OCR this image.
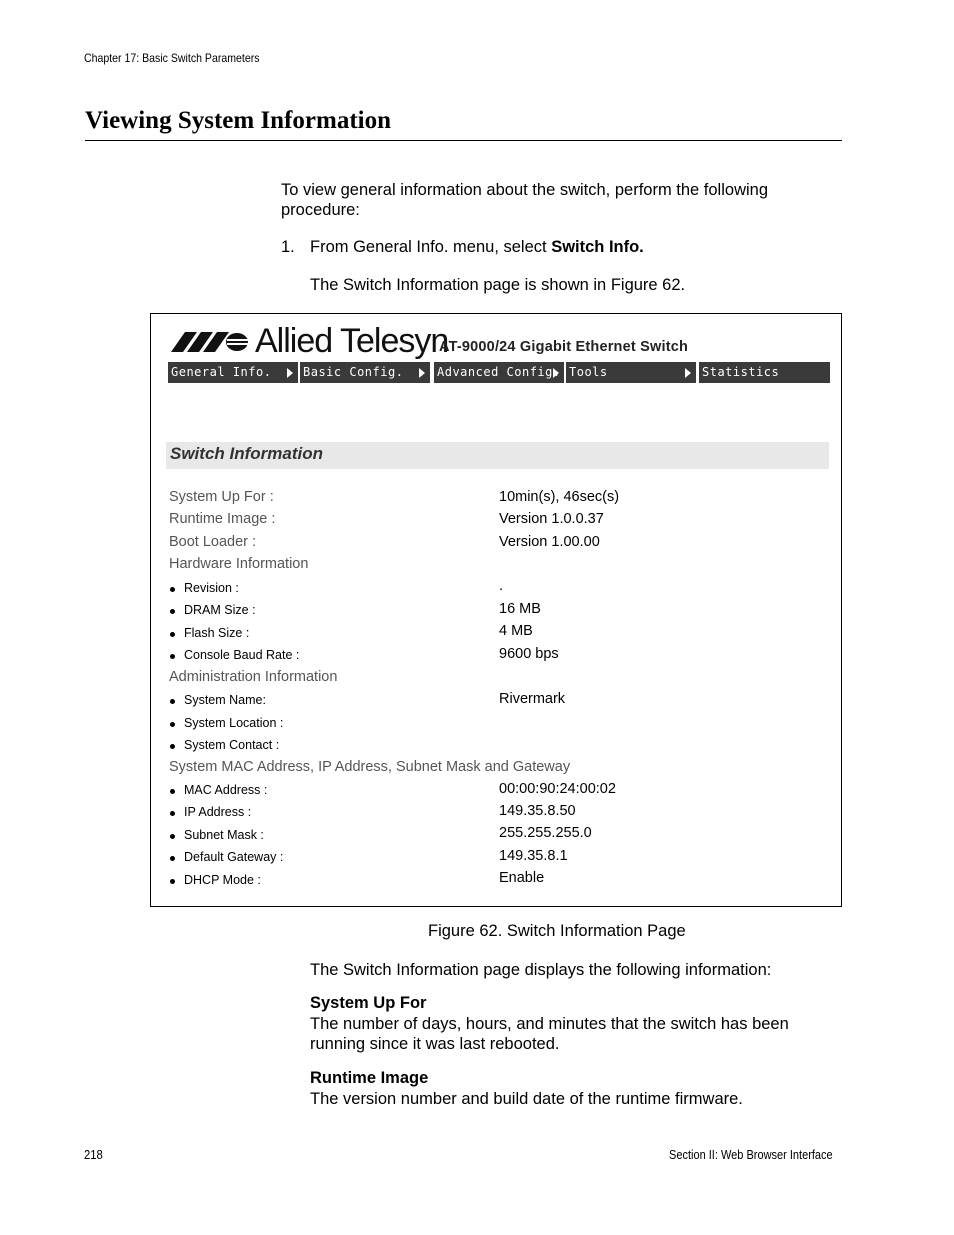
Chapter 17: Basic Switch Parameters
Viewing System Information
To view general information about the switch, perform the following procedure:
1. From General Info. menu, select Switch Info.
The Switch Information page is shown in Figure 62.
Allied Telesyn
AT-9000/24 Gigabit Ethernet Switch
General Info.	Basic Config.	Advanced Config. Tools	Statistics
Switch Information
System Up For :	10min(s), 46sec(s)
Runtime Image :	Version 1.0.0.37
Boot Loader :	Version 1.00.00
Hardware Information
Revision :	.
DRAM Size :	16 MB
Flash Size :	4 MB
Console Baud Rate :	9600 bps
Administration Information
System Name:	Rivermark
System Location :
System Contact :
System MAC Address, IP Address, Subnet Mask and Gateway
MAC Address :	00:00:90:24:00:02
IP Address :	149.35.8.50
Subnet Mask :	255.255.255.0
Default Gateway :	149.35.8.1
DHCP Mode :	Enable
Figure 62. Switch Information Page
The Switch Information page displays the following information:
System Up For
The number of days, hours, and minutes that the switch has been running since it was last rebooted.
Runtime Image
The version number and build date of the runtime firmware.
218	Section II: Web Browser Interface
